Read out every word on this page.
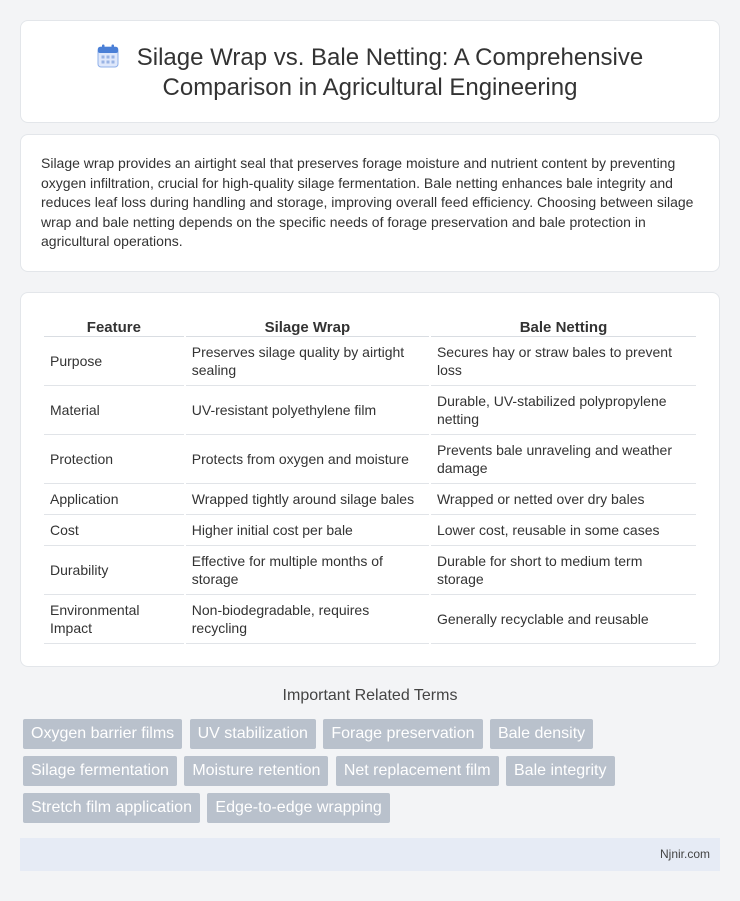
Silage Wrap vs. Bale Netting: A Comprehensive
Comparison in Agricultural Engineering

Silage wrap provides an airtight seal that preserves forage moisture and nutrient content by preventing oxygen infiltration, crucial for high-quality silage fermentation. Bale netting enhances bale integrity and reduces leaf loss during handling and storage, improving overall feed efficiency. Choosing between silage wrap and bale netting depends on the specific needs of forage preservation and bale protection in agricultural operations.

Feature	Silage Wrap	Bale Netting
Purpose	Preserves silage quality by airtight sealing	Secures hay or straw bales to prevent loss
Material	UV-resistant polyethylene film	Durable, UV-stabilized polypropylene netting
Protection	Protects from oxygen and moisture	Prevents bale unraveling and weather damage
Application	Wrapped tightly around silage bales	Wrapped or netted over dry bales
Cost	Higher initial cost per bale	Lower cost, reusable in some cases
Durability	Effective for multiple months of storage	Durable for short to medium term storage
Environmental Impact	Non-biodegradable, requires recycling	Generally recyclable and reusable
Important Related Terms
Oxygen barrier films UV stabilization Forage preservation Bale density
Silage fermentation Moisture retention Net replacement film Bale integrity
Stretch film application Edge-to-edge wrapping
Njnir.com
